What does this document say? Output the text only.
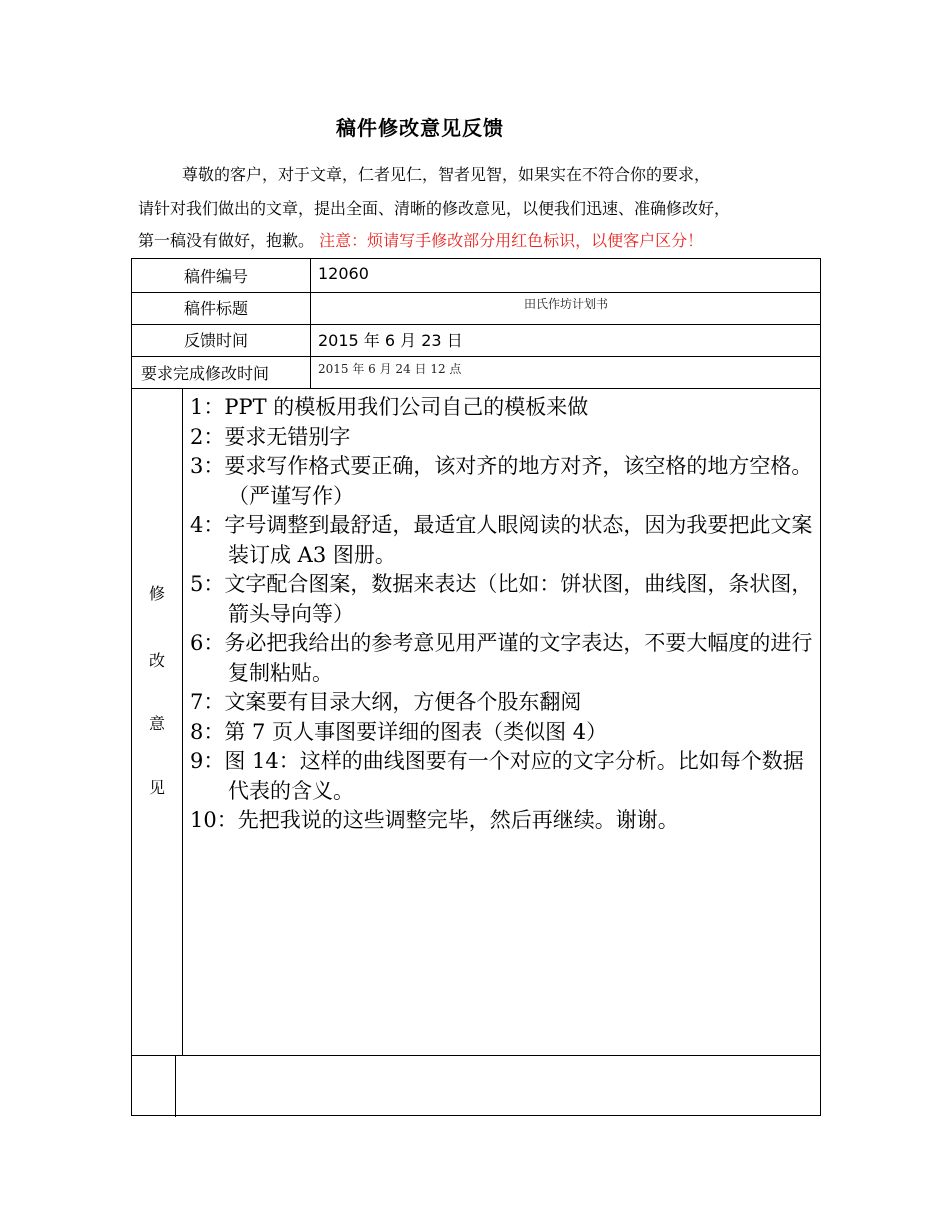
稿件修改意见反馈
尊敬的客户，对于文章，仁者见仁，智者见智，如果实在不符合你的要求，
请针对我们做出的文章，提出全面、清晰的修改意见，以便我们迅速、准确修改好，
第一稿没有做好，抱歉。 注意：烦请写手修改部分用红色标识，以便客户区分！
稿件编号	12060
稿件标题	田氏作坊计划书
反馈时间	2015 年 6 月 23 日
要求完成修改时间	2015 年 6 月 24 日 12 点
修
改
意
见
1：PPT 的模板用我们公司自己的模板来做
2：要求无错别字
3：要求写作格式要正确，该对齐的地方对齐，该空格的地方空格。（严谨写作）
4：字号调整到最舒适，最适宜人眼阅读的状态，因为我要把此文案装订成 A3 图册。
5：文字配合图案，数据来表达（比如：饼状图，曲线图，条状图，箭头导向等）
6：务必把我给出的参考意见用严谨的文字表达，不要大幅度的进行复制粘贴。
7：文案要有目录大纲，方便各个股东翻阅
8：第 7 页人事图要详细的图表（类似图 4）
9：图 14：这样的曲线图要有一个对应的文字分析。比如每个数据代表的含义。
10：先把我说的这些调整完毕，然后再继续。谢谢。
